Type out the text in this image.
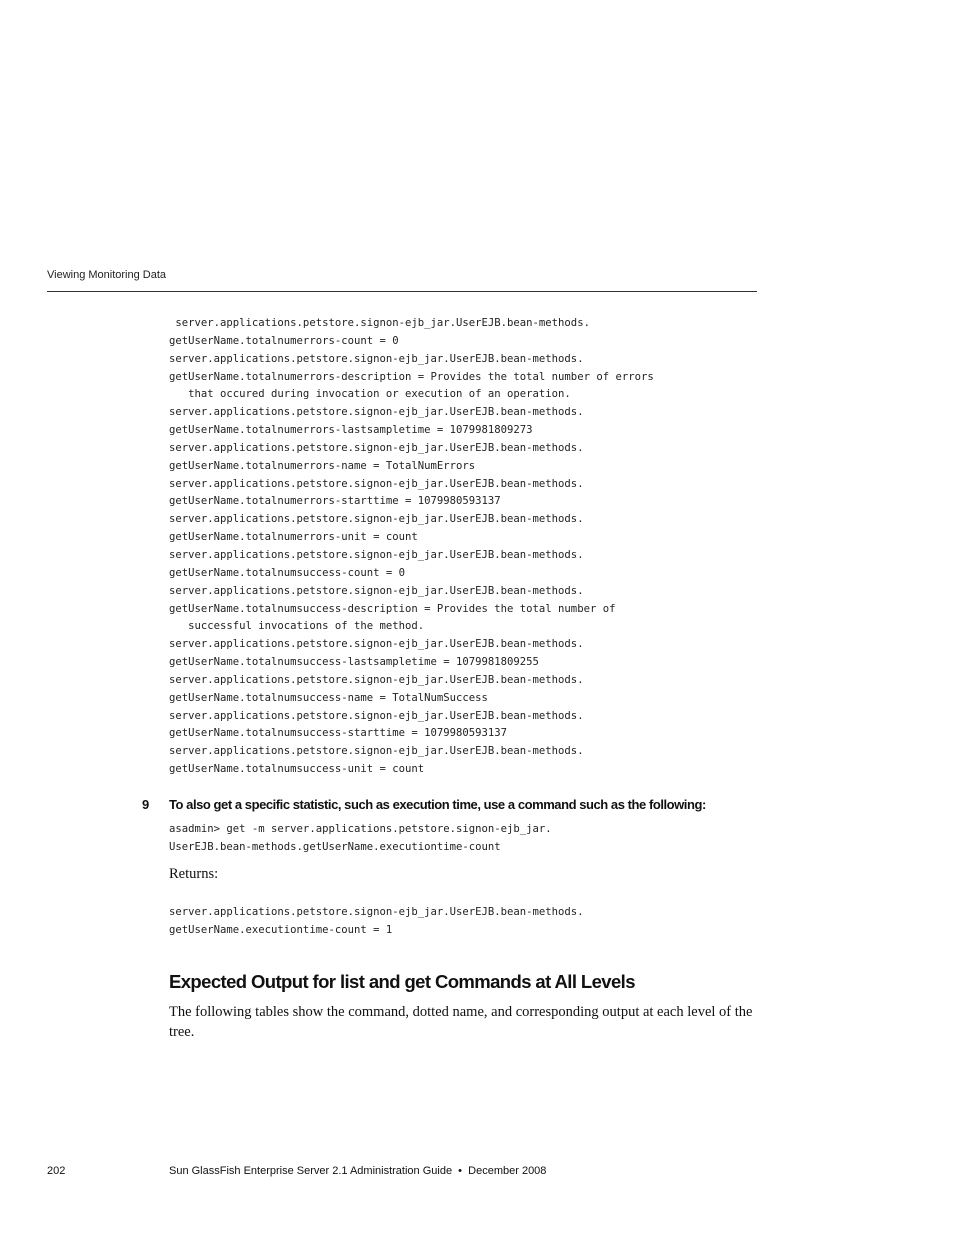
Viewing Monitoring Data
server.applications.petstore.signon-ejb_jar.UserEJB.bean-methods.
getUserName.totalnumerrors-count = 0
server.applications.petstore.signon-ejb_jar.UserEJB.bean-methods.
getUserName.totalnumerrors-description = Provides the total number of errors
that occured during invocation or execution of an operation.
server.applications.petstore.signon-ejb_jar.UserEJB.bean-methods.
getUserName.totalnumerrors-lastsampletime = 1079981809273
server.applications.petstore.signon-ejb_jar.UserEJB.bean-methods.
getUserName.totalnumerrors-name = TotalNumErrors
server.applications.petstore.signon-ejb_jar.UserEJB.bean-methods.
getUserName.totalnumerrors-starttime = 1079980593137
server.applications.petstore.signon-ejb_jar.UserEJB.bean-methods.
getUserName.totalnumerrors-unit = count
server.applications.petstore.signon-ejb_jar.UserEJB.bean-methods.
getUserName.totalnumsuccess-count = 0
server.applications.petstore.signon-ejb_jar.UserEJB.bean-methods.
getUserName.totalnumsuccess-description = Provides the total number of
successful invocations of the method.
server.applications.petstore.signon-ejb_jar.UserEJB.bean-methods.
getUserName.totalnumsuccess-lastsampletime = 1079981809255
server.applications.petstore.signon-ejb_jar.UserEJB.bean-methods.
getUserName.totalnumsuccess-name = TotalNumSuccess
server.applications.petstore.signon-ejb_jar.UserEJB.bean-methods.
getUserName.totalnumsuccess-starttime = 1079980593137
server.applications.petstore.signon-ejb_jar.UserEJB.bean-methods.
getUserName.totalnumsuccess-unit = count
9 To also get a specific statistic, such as execution time, use a command such as the following:
asadmin> get -m server.applications.petstore.signon-ejb_jar.
UserEJB.bean-methods.getUserName.executiontime-count
Returns:
server.applications.petstore.signon-ejb_jar.UserEJB.bean-methods.
getUserName.executiontime-count = 1
Expected Output for list and get Commands at All Levels

The following tables show the command, dotted name, and corresponding output at each level of the tree.

202	Sun GlassFish Enterprise Server 2.1 Administration Guide  •  December 2008
